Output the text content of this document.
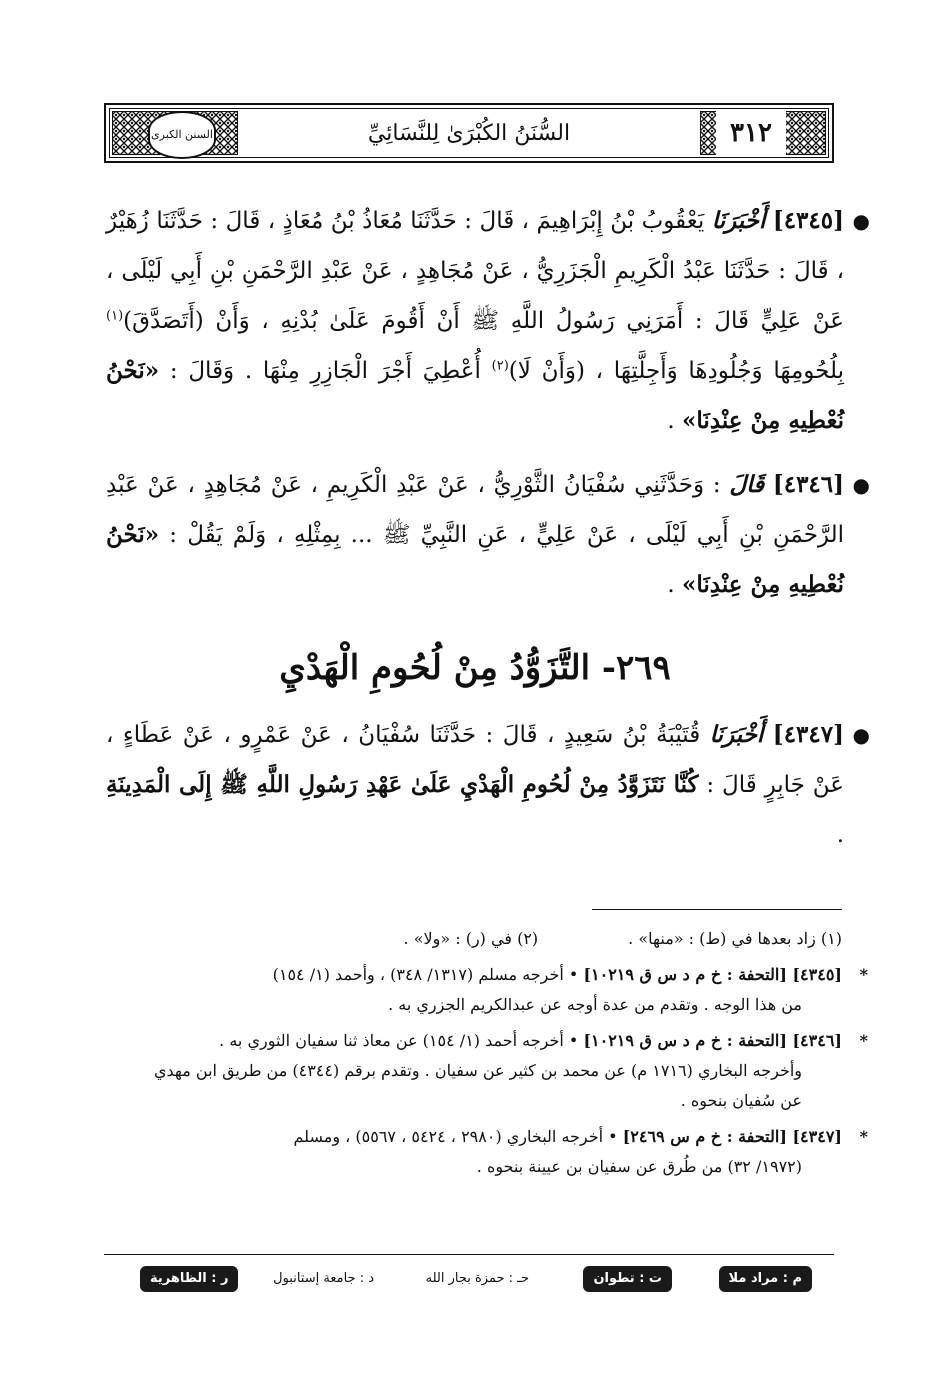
٣١٢
السُّنَنُ الكُبْرَىٰ لِلنَّسَائِيِّ
السنن الكبرى

●
[٤٣٤٥] أَخْبَرَنَا يَعْقُوبُ بْنُ إِبْرَاهِيمَ ، قَالَ : حَدَّثَنَا مُعَاذُ بْنُ مُعَاذٍ ، قَالَ : حَدَّثَنَا زُهَيْرٌ ، قَالَ : حَدَّثَنَا عَبْدُ الْكَرِيمِ الْجَزَرِيُّ ، عَنْ مُجَاهِدٍ ، عَنْ عَبْدِ الرَّحْمَنِ بْنِ أَبِي لَيْلَى ، عَنْ عَلِيٍّ قَالَ : أَمَرَنِي رَسُولُ اللَّهِ ﷺ أَنْ أَقُومَ عَلَىٰ بُدْنِهِ ، وَأَنْ (أَتَصَدَّقَ)$^{(١)}$ بِلُحُومِهَا وَجُلُودِهَا وَأَجِلَّتِهَا ، (وَأَنْ لَا)$^{(٢)}$ أُعْطِيَ أَجْرَ الْجَازِرِ مِنْهَا . وَقَالَ : «نَحْنُ نُعْطِيهِ مِنْ عِنْدِنَا» .

●
[٤٣٤٦] قَالَ : وَحَدَّثَنِي سُفْيَانُ الثَّوْرِيُّ ، عَنْ عَبْدِ الْكَرِيمِ ، عَنْ مُجَاهِدٍ ، عَنْ عَبْدِ الرَّحْمَنِ بْنِ أَبِي لَيْلَى ، عَنْ عَلِيٍّ ، عَنِ النَّبِيِّ ﷺ ... بِمِثْلِهِ ، وَلَمْ يَقُلْ : «نَحْنُ نُعْطِيهِ مِنْ عِنْدِنَا» .

٢٦٩- التَّزَوُّدُ مِنْ لُحُومِ الْهَدْيِ

●
[٤٣٤٧] أَخْبَرَنَا قُتَيْبَةُ بْنُ سَعِيدٍ ، قَالَ : حَدَّثَنَا سُفْيَانُ ، عَنْ عَمْرٍو ، عَنْ عَطَاءٍ ، عَنْ جَابِرٍ قَالَ : كُنَّا نَتَزَوَّدُ مِنْ لُحُومِ الْهَدْيِ عَلَىٰ عَهْدِ رَسُولِ اللَّهِ ﷺ إِلَى الْمَدِينَةِ .

(١) زاد بعدها في (ط) : «منها» .
(٢) في (ر) : «ولا» .
*
[٤٣٤٥] [التحفة : خ م د س ق ١٠٢١٩] • أخرجه مسلم (١٣١٧/ ٣٤٨) ، وأحمد (١/ ١٥٤)
من هذا الوجه . وتقدم من عدة أوجه عن عبدالكريم الجزري به .
*
[٤٣٤٦] [التحفة : خ م د س ق ١٠٢١٩] • أخرجه أحمد (١/ ١٥٤) عن معاذ ثنا سفيان الثوري به .
وأخرجه البخاري (١٧١٦ م) عن محمد بن كثير عن سفيان . وتقدم برقم (٤٣٤٤) من طريق ابن مهدي عن سُفيان بنحوه .
*
[٤٣٤٧] [التحفة : خ م س ٢٤٦٩] • أخرجه البخاري (٢٩٨٠ ، ٥٤٢٤ ، ٥٥٦٧) ، ومسلم
(١٩٧٢/ ٣٢) من طُرق عن سفيان بن عيينة بنحوه .
م : مراد ملا
ت : تطوان
حـ : حمزة بجار الله
د : جامعة إستانبول
ر : الظاهرية
